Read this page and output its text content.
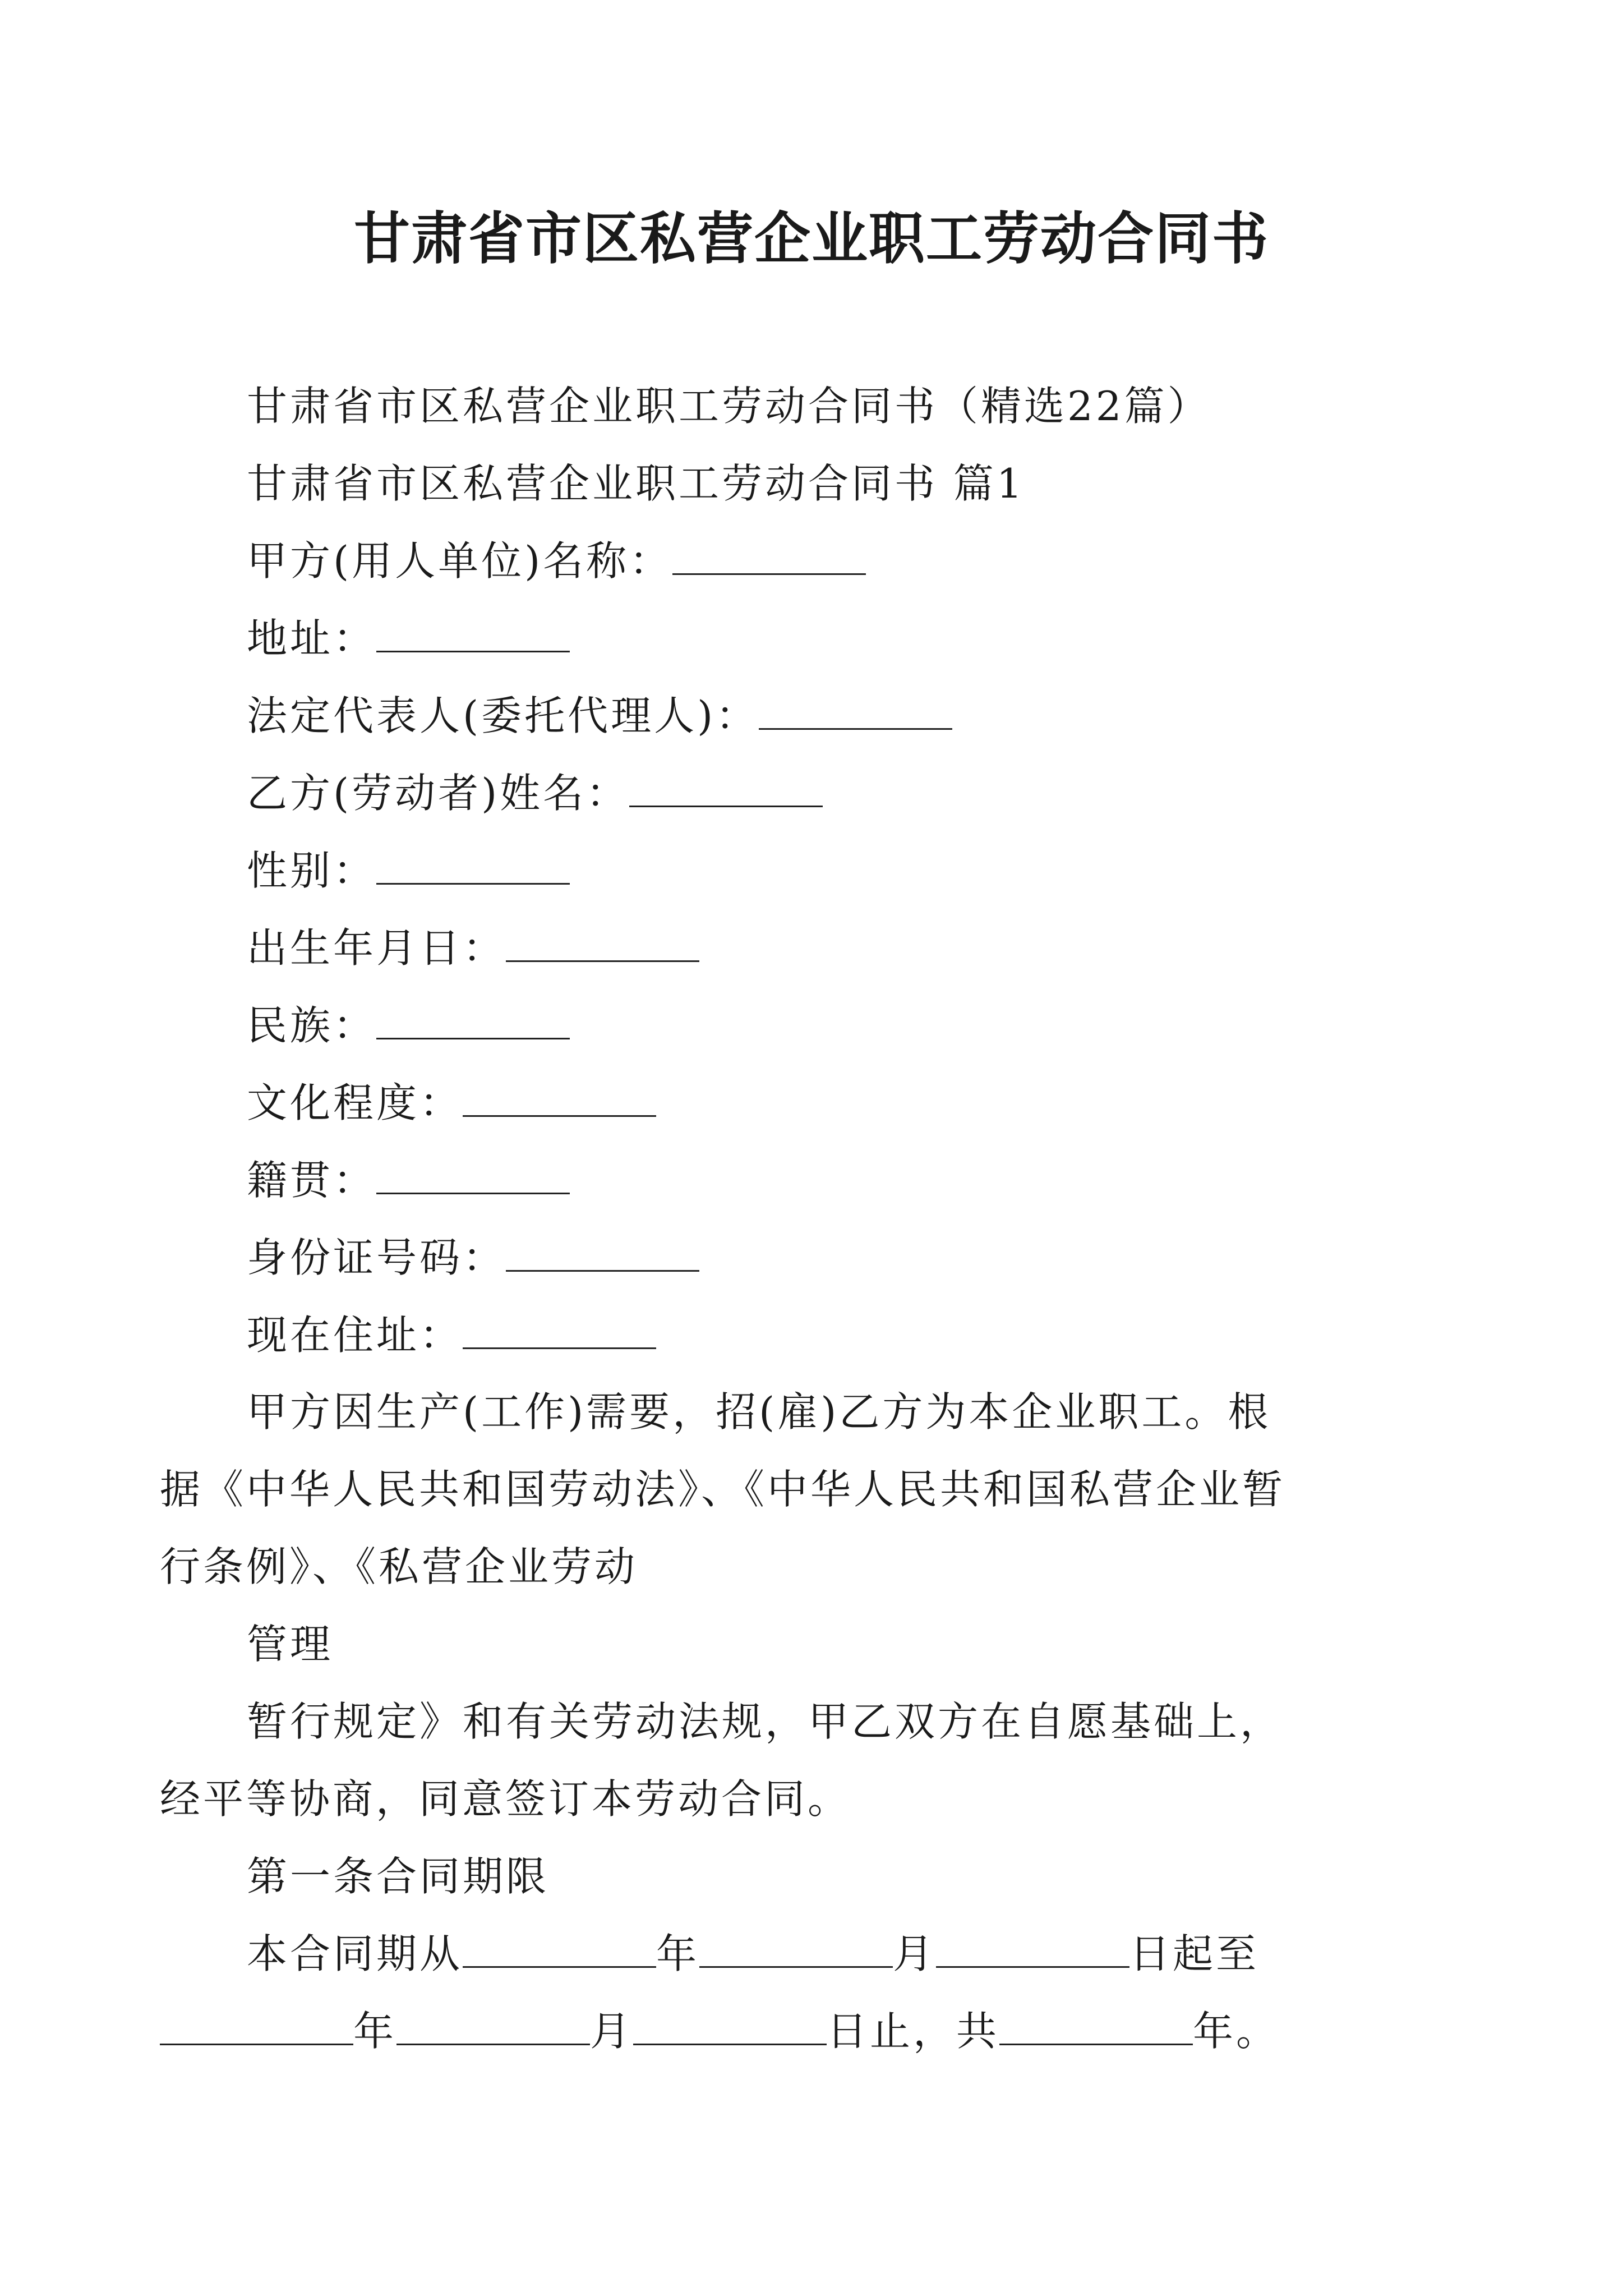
甘肃省市区私营企业职工劳动合同书

甘肃省市区私营企业职工劳动合同书（精选22篇）

甘肃省市区私营企业职工劳动合同书 篇1

甲方(用人单位)名称：

地址：

法定代表人(委托代理人)：

乙方(劳动者)姓名：

性别：

出生年月日：

民族：

文化程度：

籍贯：

身份证号码：

现在住址：

甲方因生产(工作)需要，招(雇)乙方为本企业职工。根据《中华人民共和国劳动法》、《中华人民共和国私营企业暂行条例》、《私营企业劳动

管理

暂行规定》和有关劳动法规，甲乙双方在自愿基础上，经平等协商，同意签订本劳动合同。

第一条合同期限

本合同期从	年	月	日起至年	月	日止，共	年。
